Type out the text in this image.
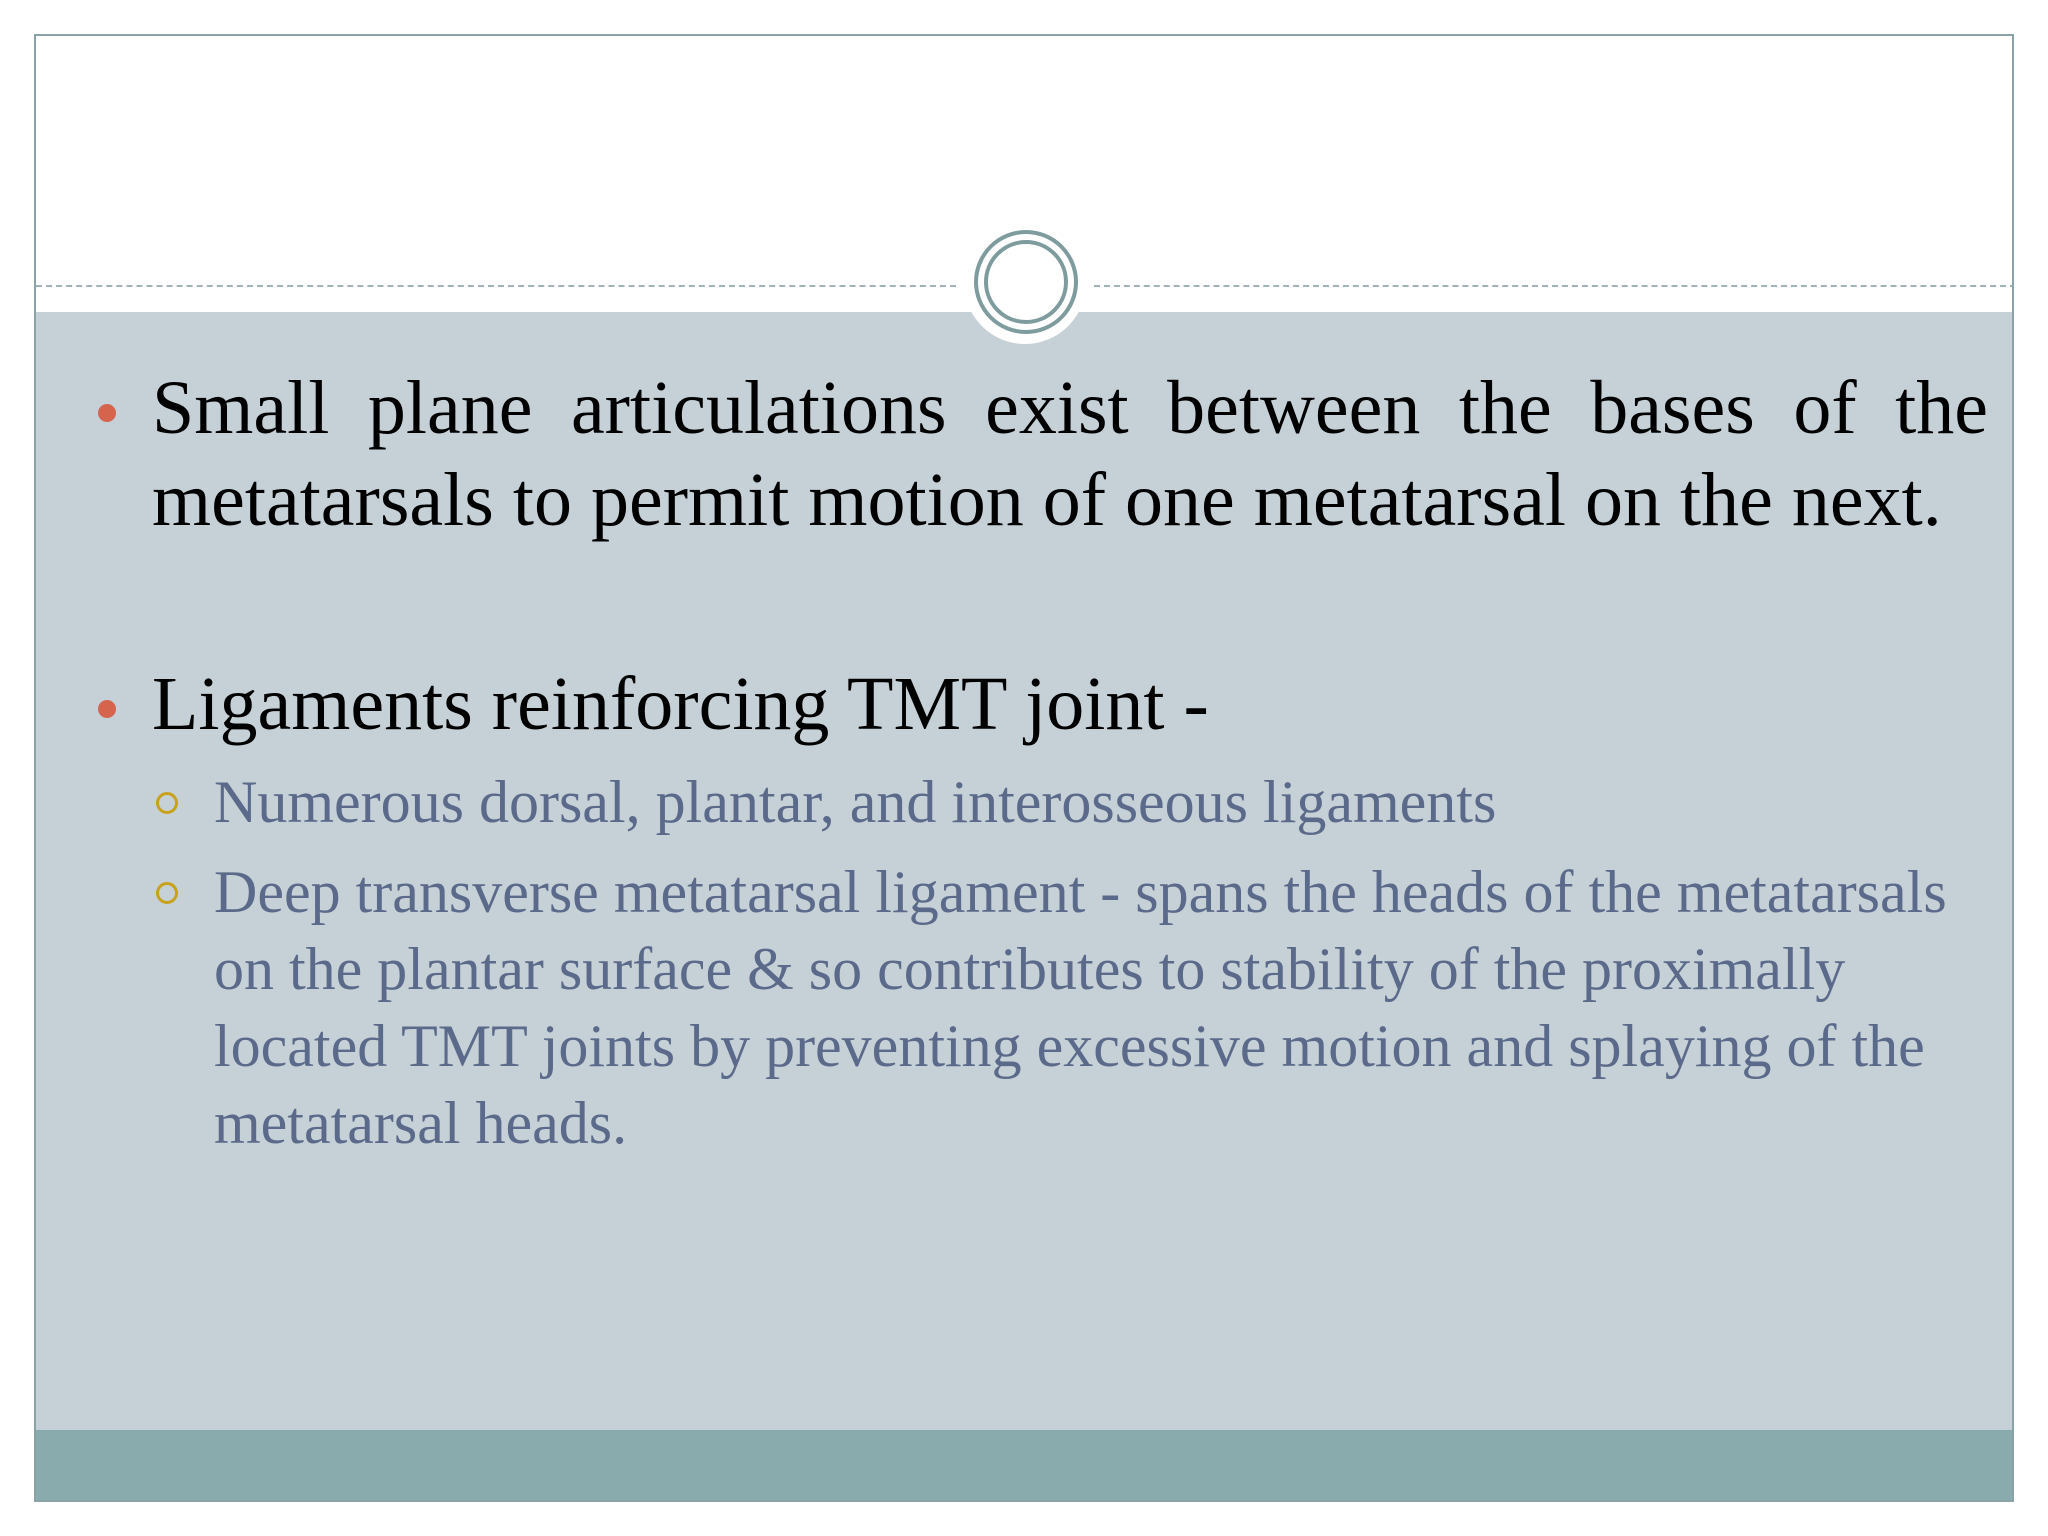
Small plane articulations exist between the bases of the metatarsals to permit motion of one metatarsal on the next.
Ligaments reinforcing TMT joint -
Numerous dorsal, plantar, and interosseous ligaments
Deep transverse metatarsal ligament - spans the heads of the metatarsals on the plantar surface & so contributes to stability of the proximally located TMT joints by preventing excessive motion and splaying of the metatarsal heads.
